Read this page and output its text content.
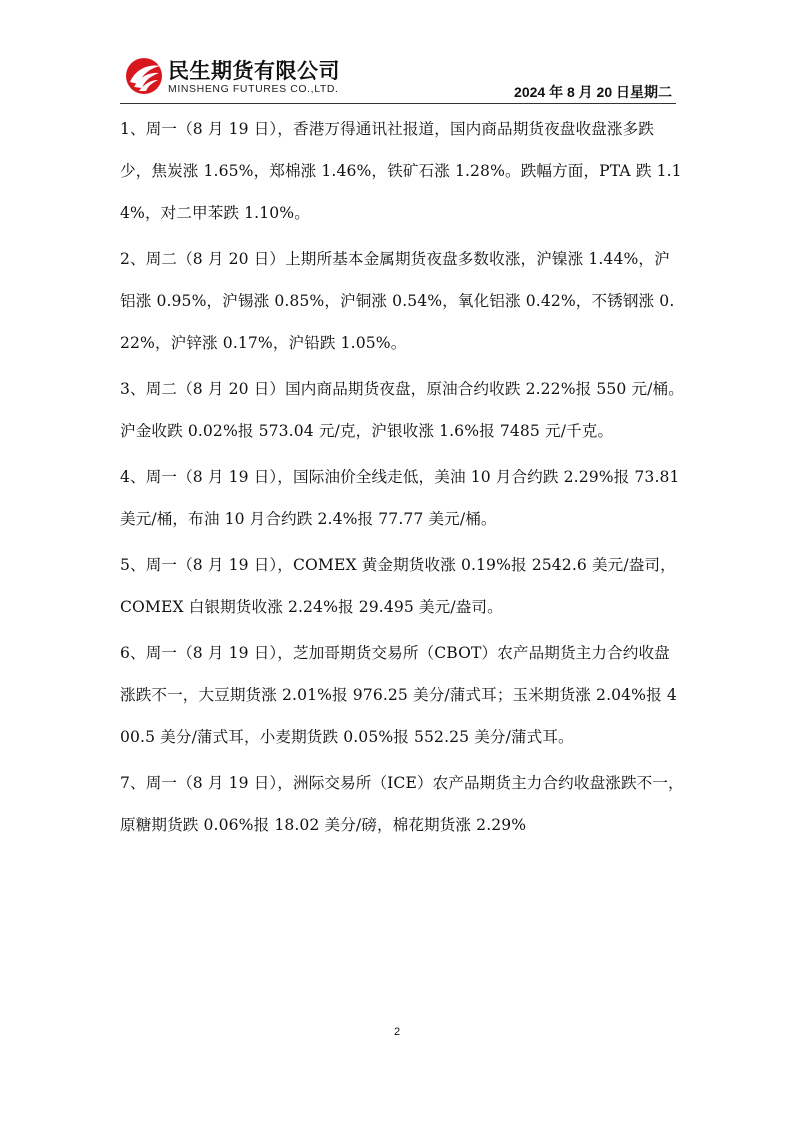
民生期货有限公司
MINSHENG FUTURES CO.,LTD.	2024 年 8 月 20 日星期二

1、周一（8 月 19 日），香港万得通讯社报道，国内商品期货夜盘收盘涨多跌少，焦炭涨 1.65%，郑棉涨 1.46%，铁矿石涨 1.28%。跌幅方面，PTA 跌 1.14%，对二甲苯跌 1.10%。

2、周二（8 月 20 日）上期所基本金属期货夜盘多数收涨，沪镍涨 1.44%，沪铝涨 0.95%，沪锡涨 0.85%，沪铜涨 0.54%，氧化铝涨 0.42%，不锈钢涨 0.22%，沪锌涨 0.17%，沪铅跌 1.05%。

3、周二（8 月 20 日）国内商品期货夜盘，原油合约收跌 2.22%报 550 元/桶。沪金收跌 0.02%报 573.04 元/克，沪银收涨 1.6%报 7485 元/千克。

4、周一（8 月 19 日），国际油价全线走低，美油 10 月合约跌 2.29%报 73.81 美元/桶，布油 10 月合约跌 2.4%报 77.77 美元/桶。

5、周一（8 月 19 日），COMEX 黄金期货收涨 0.19%报 2542.6 美元/盎司，COMEX 白银期货收涨 2.24%报 29.495 美元/盎司。

6、周一（8 月 19 日），芝加哥期货交易所（CBOT）农产品期货主力合约收盘涨跌不一，大豆期货涨 2.01%报 976.25 美分/蒲式耳；玉米期货涨 2.04%报 400.5 美分/蒲式耳，小麦期货跌 0.05%报 552.25 美分/蒲式耳。

7、周一（8 月 19 日），洲际交易所（ICE）农产品期货主力合约收盘涨跌不一，原糖期货跌 0.06%报 18.02 美分/磅，棉花期货涨 2.29%

2
